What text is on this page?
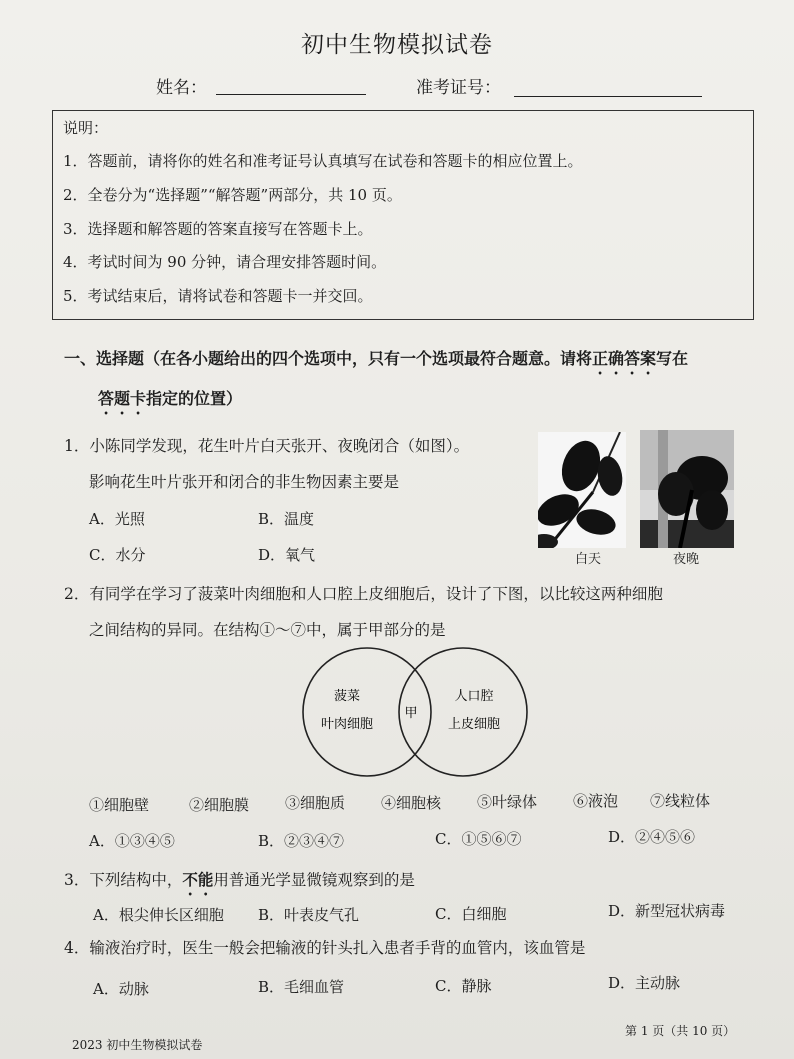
初中生物模拟试卷
姓名：	准考证号：
说明：
1．答题前，请将你的姓名和准考证号认真填写在试卷和答题卡的相应位置上。
2．全卷分为“选择题”“解答题”两部分，共 10 页。
3．选择题和解答题的答案直接写在答题卡上。
4．考试时间为 90 分钟，请合理安排答题时间。
5．考试结束后，请将试卷和答题卡一并交回。
一、选择题（在各小题给出的四个选项中，只有一个选项最符合题意。请将正确答案写在
答题卡指定的位置）
1．小陈同学发现，花生叶片白天张开、夜晚闭合（如图）。
影响花生叶片张开和闭合的非生物因素主要是
A．光照	B．温度
C．水分	D．氧气	白天	夜晚
2．有同学在学习了菠菜叶肉细胞和人口腔上皮细胞后，设计了下图，以比较这两种细胞
之间结构的异同。在结构①～⑦中，属于甲部分的是
菠菜
叶肉细胞
甲
人口腔
上皮细胞
①细胞壁	②细胞膜 ③细胞质 ④细胞核 ⑤叶绿体 ⑥液泡 ⑦线粒体
A．①③④⑤	B．②③④⑦	C．①⑤⑥⑦	D．②④⑤⑥
3．下列结构中，不能用普通光学显微镜观察到的是
A．根尖伸长区细胞 B．叶表皮气孔	C．白细胞	D．新型冠状病毒
4．输液治疗时，医生一般会把输液的针头扎入患者手背的血管内，该血管是
A．动脉	B．毛细血管	C．静脉	D．主动脉
2023 初中生物模拟试卷
第 1 页（共 10 页）
